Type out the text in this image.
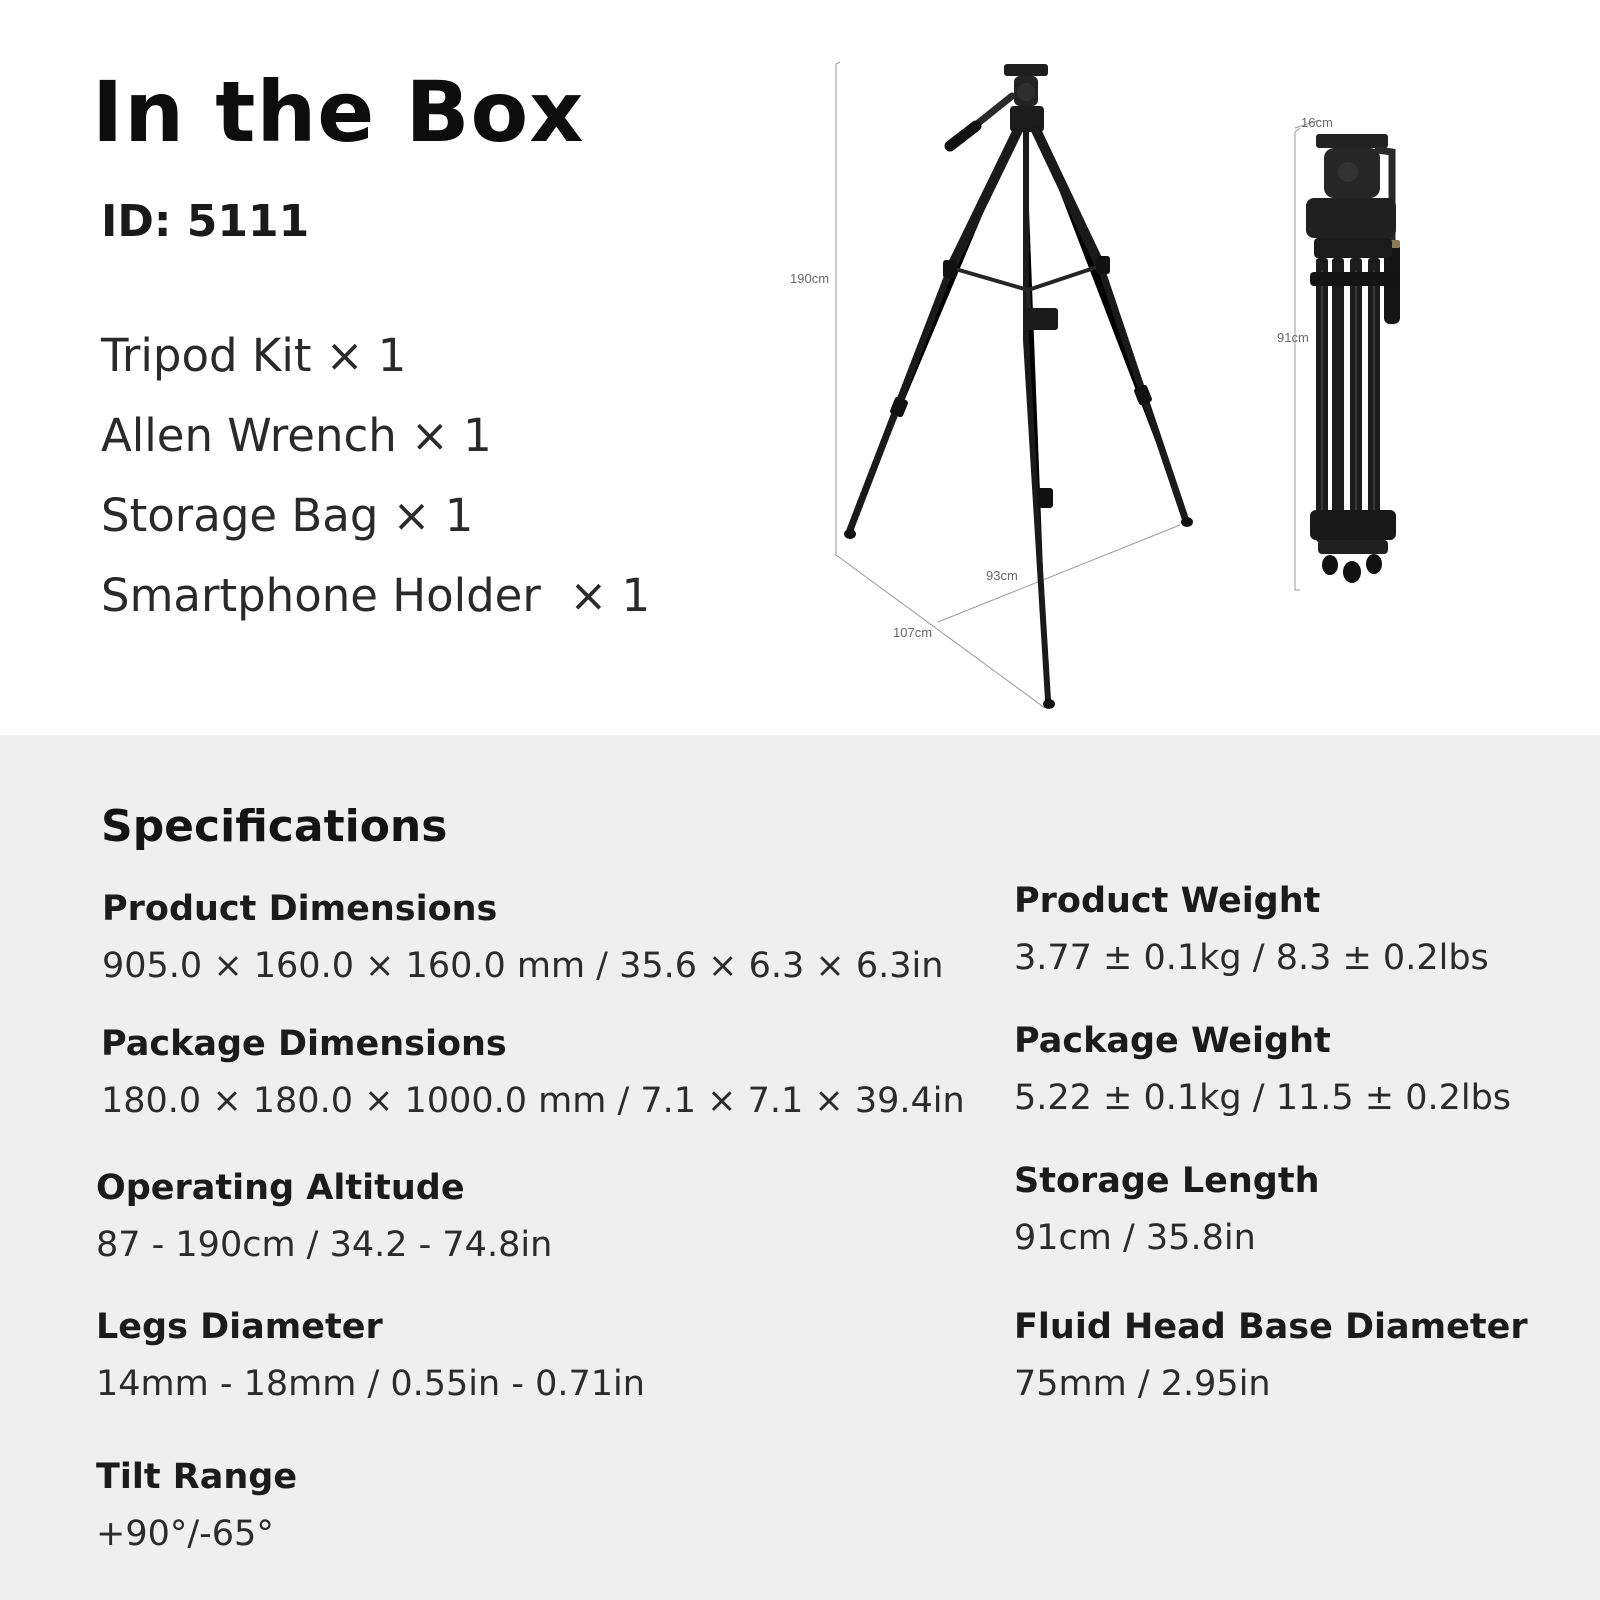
In the Box
ID: 5111
Tripod Kit × 1
Allen Wrench × 1
Storage Bag × 1
Smartphone Holder  × 1
190cm
93cm
107cm
91cm
16cm
Specifications
Product Dimensions
905.0 × 160.0 × 160.0 mm / 35.6 × 6.3 × 6.3in
Product Weight
3.77 ± 0.1kg / 8.3 ± 0.2lbs
Package Dimensions
180.0 × 180.0 × 1000.0 mm / 7.1 × 7.1 × 39.4in
Package Weight
5.22 ± 0.1kg / 11.5 ± 0.2lbs
Operating Altitude
87 - 190cm / 34.2 - 74.8in
Storage Length
91cm / 35.8in
Legs Diameter
14mm - 18mm / 0.55in - 0.71in
Fluid Head Base Diameter
75mm / 2.95in
Tilt Range
+90°/-65°
